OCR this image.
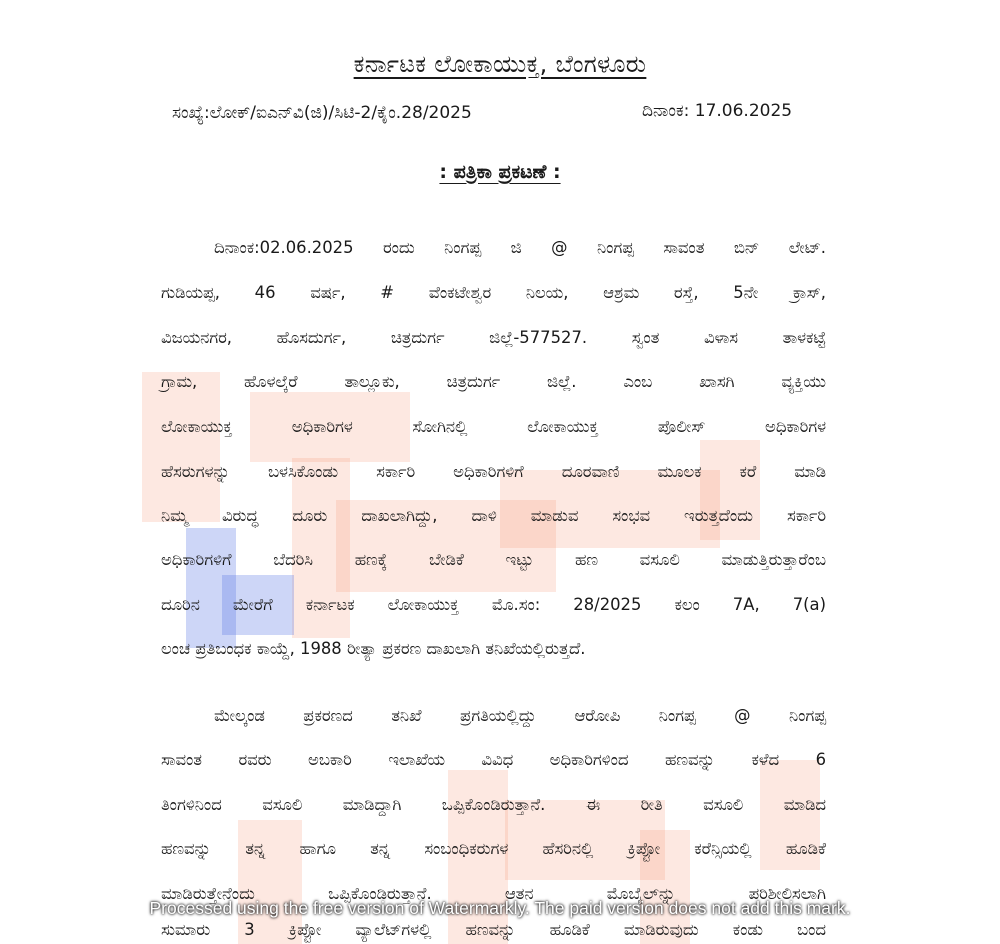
ಕರ್ನಾಟಕ ಲೋಕಾಯುಕ್ತ, ಬೆಂಗಳೂರು
ಸಂಖ್ಯೆ:ಲೋಕ್/ಐಎನ್‌ವಿ(ಜಿ)/ಸಿಟಿ-2/ಕೈಂ.28/2025	ದಿನಾಂಕ: 17.06.2025
: ಪತ್ರಿಕಾ ಪ್ರಕಟಣೆ :
ದಿನಾಂಕ:02.06.2025 ರಂದು ನಿಂಗಪ್ಪ ಜಿ @ ನಿಂಗಪ್ಪ ಸಾವಂತ ಬಿನ್ ಲೇಟ್.
ಗುಡಿಯಪ್ಪ, 46 ವರ್ಷ, # ವೆಂಕಟೇಶ್ವರ ನಿಲಯ, ಆಶ್ರಮ ರಸ್ತೆ, 5ನೇ ಕ್ರಾಸ್,
ವಿಜಯನಗರ, ಹೊಸದುರ್ಗ, ಚಿತ್ರದುರ್ಗ ಜಿಲ್ಲೆ-577527. ಸ್ವಂತ ವಿಳಾಸ ತಾಳಕಟ್ಟೆ
ಗ್ರಾಮ, ಹೊಳಲ್ಕೆರೆ ತಾಲ್ಲೂಕು, ಚಿತ್ರದುರ್ಗ ಜಿಲ್ಲೆ. ಎಂಬ ಖಾಸಗಿ ವ್ಯಕ್ತಿಯು
ಲೋಕಾಯುಕ್ತ ಅಧಿಕಾರಿಗಳ ಸೋಗಿನಲ್ಲಿ ಲೋಕಾಯುಕ್ತ ಪೊಲೀಸ್ ಅಧಿಕಾರಿಗಳ
ಹೆಸರುಗಳನ್ನು ಬಳಸಿಕೊಂಡು ಸರ್ಕಾರಿ ಅಧಿಕಾರಿಗಳಿಗೆ ದೂರವಾಣಿ ಮೂಲಕ ಕರೆ ಮಾಡಿ
ನಿಮ್ಮ ವಿರುದ್ಧ ದೂರು ದಾಖಲಾಗಿದ್ದು, ದಾಳಿ ಮಾಡುವ ಸಂಭವ ಇರುತ್ತದೆಂದು ಸರ್ಕಾರಿ
ಅಧಿಕಾರಿಗಳಿಗೆ ಬೆದರಿಸಿ ಹಣಕ್ಕೆ ಬೇಡಿಕೆ ಇಟ್ಟು ಹಣ ವಸೂಲಿ ಮಾಡುತ್ತಿರುತ್ತಾರೆಂಬ
ದೂರಿನ ಮೇರೆಗೆ ಕರ್ನಾಟಕ ಲೋಕಾಯುಕ್ತ ಮೊ.ಸಂ: 28/2025 ಕಲಂ 7A, 7(a)
ಲಂಚ ಪ್ರತಿಬಂಧಕ ಕಾಯ್ದೆ, 1988 ರೀತ್ಯಾ ಪ್ರಕರಣ ದಾಖಲಾಗಿ ತನಿಖೆಯಲ್ಲಿರುತ್ತದೆ.
ಮೇಲ್ಕಂಡ ಪ್ರಕರಣದ ತನಿಖೆ ಪ್ರಗತಿಯಲ್ಲಿದ್ದು ಆರೋಪಿ ನಿಂಗಪ್ಪ @ ನಿಂಗಪ್ಪ
ಸಾವಂತ ರವರು ಅಬಕಾರಿ ಇಲಾಖೆಯ ವಿವಿಧ ಅಧಿಕಾರಿಗಳಿಂದ ಹಣವನ್ನು ಕಳೆದ 6
ತಿಂಗಳಿನಿಂದ ವಸೂಲಿ ಮಾಡಿದ್ದಾಗಿ ಒಪ್ಪಿಕೊಂಡಿರುತ್ತಾನೆ. ಈ ರೀತಿ ವಸೂಲಿ ಮಾಡಿದ
ಹಣವನ್ನು ತನ್ನ ಹಾಗೂ ತನ್ನ ಸಂಬಂಧಿಕರುಗಳ ಹೆಸರಿನಲ್ಲಿ ಕ್ರಿಪ್ಟೋ ಕರೆನ್ಸಿಯಲ್ಲಿ ಹೂಡಿಕೆ
ಮಾಡಿರುತ್ತೇನೆಂದು ಒಪ್ಪಿಕೊಂಡಿರುತ್ತಾನೆ. ಆತನ ಮೊಬೈಲ್‌ನ್ನು ಪರಿಶೀಲಿಸಲಾಗಿ
ಸುಮಾರು 3 ಕ್ರಿಪ್ಟೋ ವ್ಯಾಲೆಟ್‌ಗಳಲ್ಲಿ ಹಣವನ್ನು ಹೂಡಿಕೆ ಮಾಡಿರುವುದು ಕಂಡು ಬಂದ
Processed using the free version of Watermarkly. The paid version does not add this mark.
